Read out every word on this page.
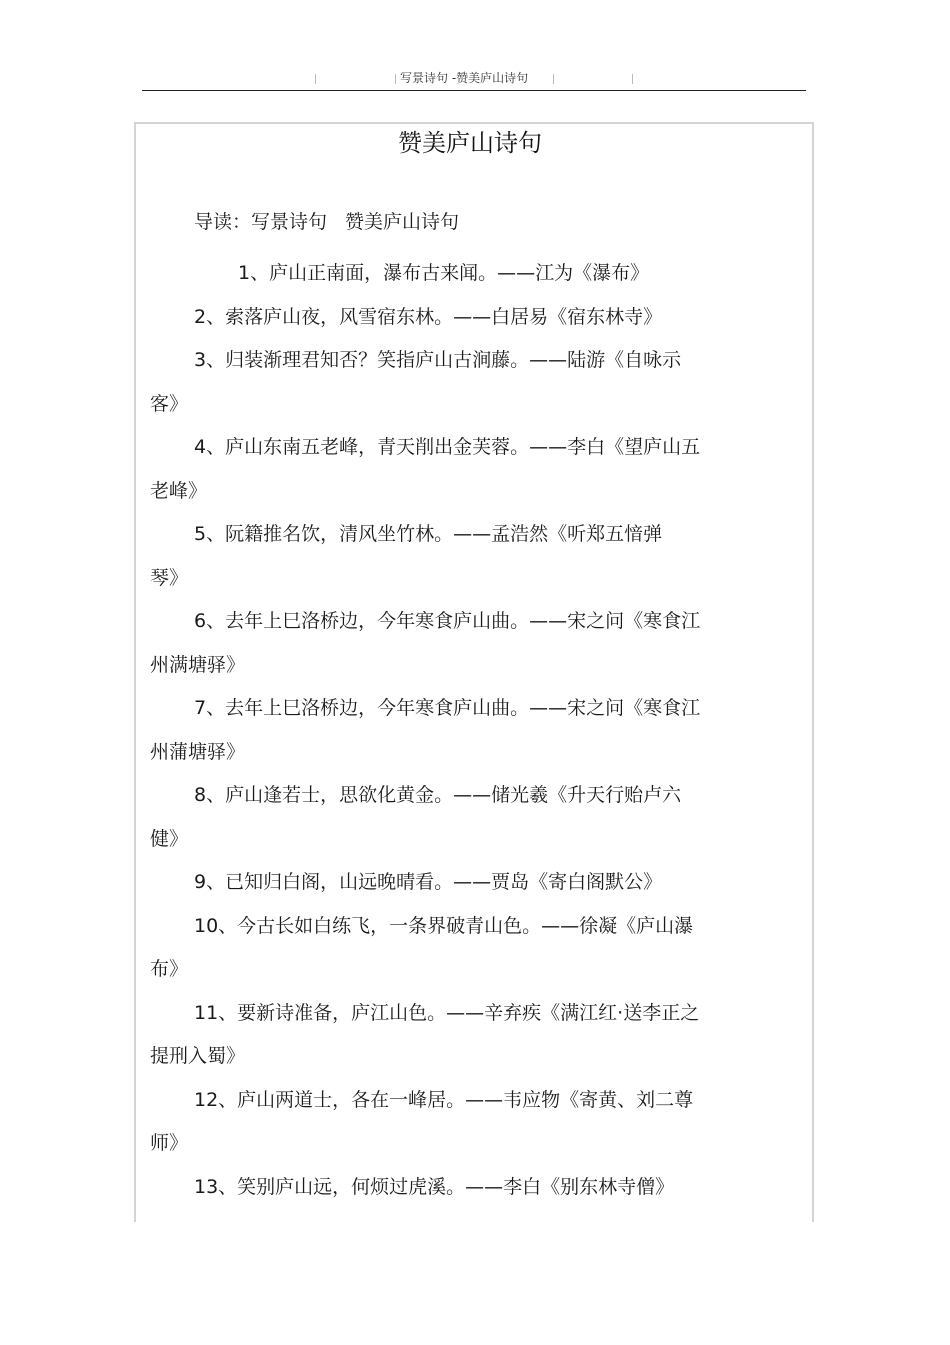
写景诗句 -赞美庐山诗句
赞美庐山诗句
导读：写景诗句 赞美庐山诗句
1、庐山正南面，瀑布古来闻。——江为《瀑布》
2、索落庐山夜，风雪宿东林。——白居易《宿东林寺》
3、归装渐理君知否？笑指庐山古涧藤。——陆游《自咏示
客》
4、庐山东南五老峰，青天削出金芙蓉。——李白《望庐山五
老峰》
5、阮籍推名饮，清风坐竹林。——孟浩然《听郑五愔弹
琴》
6、去年上巳洛桥边，今年寒食庐山曲。——宋之问《寒食江
州满塘驿》
7、去年上巳洛桥边，今年寒食庐山曲。——宋之问《寒食江
州蒲塘驿》
8、庐山逢若士，思欲化黄金。——储光羲《升天行贻卢六
健》
9、已知归白阁，山远晚晴看。——贾岛《寄白阁默公》
10、今古长如白练飞，一条界破青山色。——徐凝《庐山瀑
布》
11、要新诗准备，庐江山色。——辛弃疾《满江红·送李正之
提刑入蜀》
12、庐山两道士，各在一峰居。——韦应物《寄黄、刘二尊
师》
13、笑别庐山远，何烦过虎溪。——李白《别东林寺僧》
